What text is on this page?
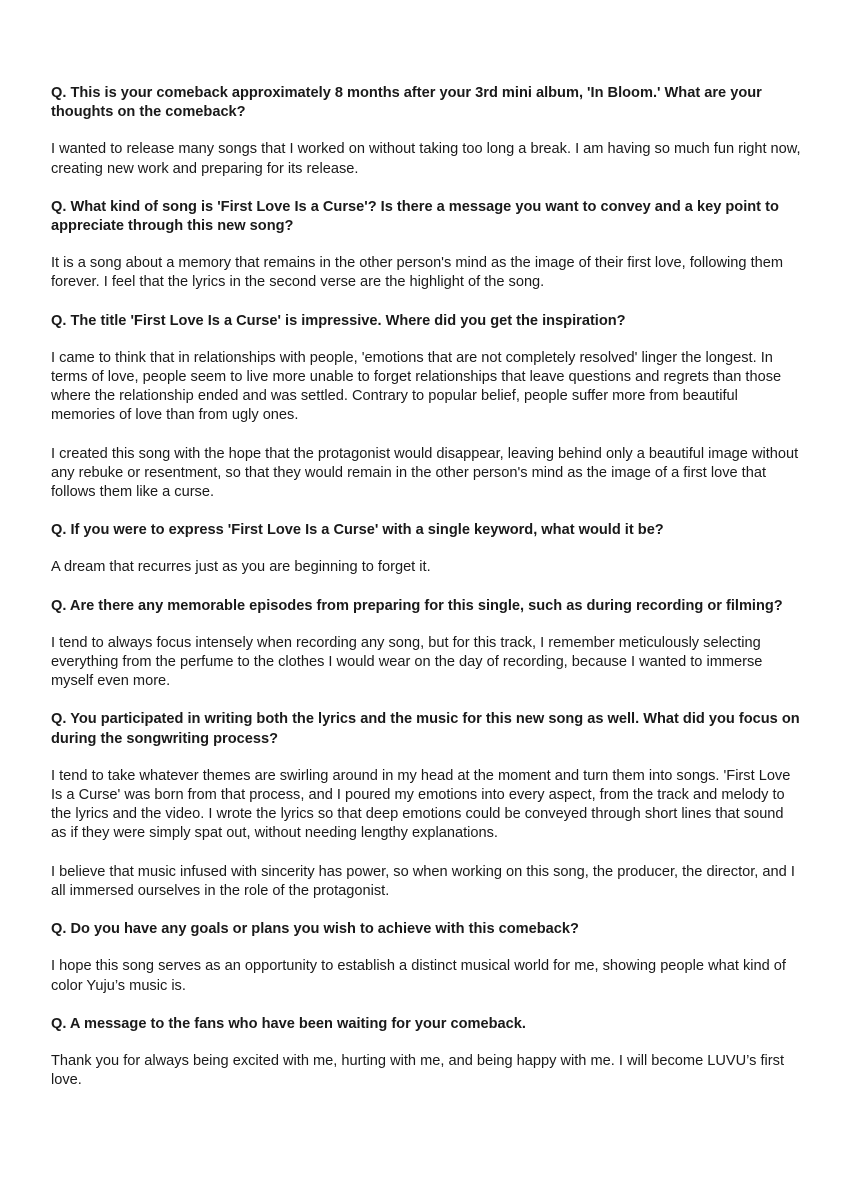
Q. This is your comeback approximately 8 months after your 3rd mini album, 'In Bloom.' What are your thoughts on the comeback?

I wanted to release many songs that I worked on without taking too long a break. I am having so much fun right now, creating new work and preparing for its release.

Q. What kind of song is 'First Love Is a Curse'? Is there a message you want to convey and a key point to appreciate through this new song?

It is a song about a memory that remains in the other person's mind as the image of their first love, following them forever. I feel that the lyrics in the second verse are the highlight of the song.

Q. The title 'First Love Is a Curse' is impressive. Where did you get the inspiration?

I came to think that in relationships with people, 'emotions that are not completely resolved' linger the longest. In terms of love, people seem to live more unable to forget relationships that leave questions and regrets than those where the relationship ended and was settled. Contrary to popular belief, people suffer more from beautiful memories of love than from ugly ones.

I created this song with the hope that the protagonist would disappear, leaving behind only a beautiful image without any rebuke or resentment, so that they would remain in the other person's mind as the image of a first love that follows them like a curse.

Q. If you were to express 'First Love Is a Curse' with a single keyword, what would it be?

A dream that recurres just as you are beginning to forget it.

Q. Are there any memorable episodes from preparing for this single, such as during recording or filming?

I tend to always focus intensely when recording any song, but for this track, I remember meticulously selecting everything from the perfume to the clothes I would wear on the day of recording, because I wanted to immerse myself even more.

Q. You participated in writing both the lyrics and the music for this new song as well. What did you focus on during the songwriting process?

I tend to take whatever themes are swirling around in my head at the moment and turn them into songs. 'First Love Is a Curse' was born from that process, and I poured my emotions into every aspect, from the track and melody to the lyrics and the video. I wrote the lyrics so that deep emotions could be conveyed through short lines that sound as if they were simply spat out, without needing lengthy explanations.

I believe that music infused with sincerity has power, so when working on this song, the producer, the director, and I all immersed ourselves in the role of the protagonist.

Q. Do you have any goals or plans you wish to achieve with this comeback?

I hope this song serves as an opportunity to establish a distinct musical world for me, showing people what kind of color Yuju’s music is.

Q. A message to the fans who have been waiting for your comeback.

Thank you for always being excited with me, hurting with me, and being happy with me. I will become LUVU’s first love.
